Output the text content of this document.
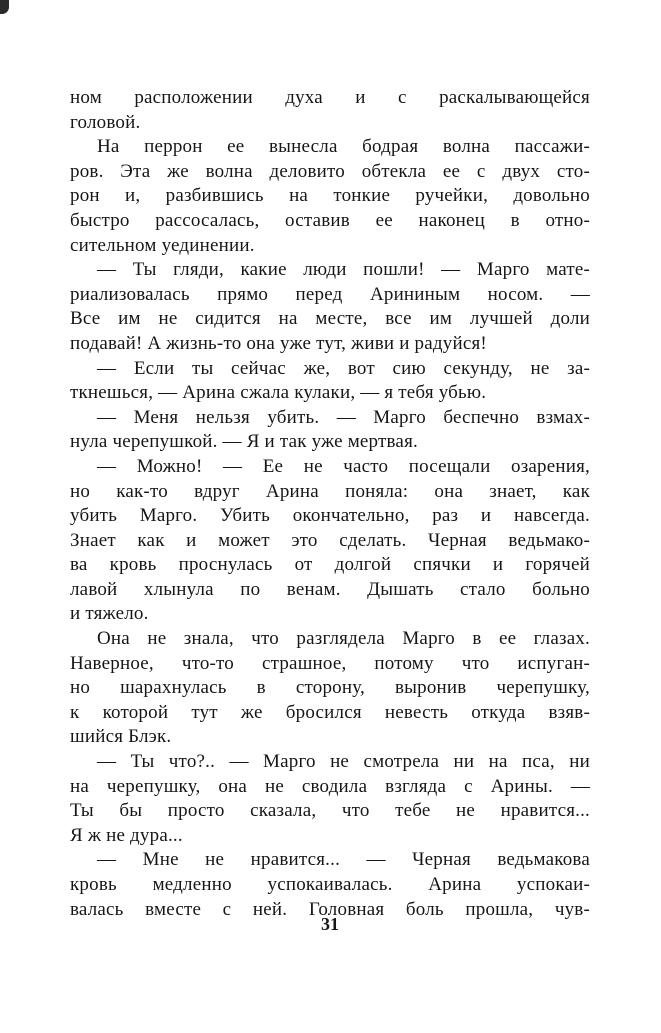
ном расположении духа и с раскалывающейся
головой.
На перрон ее вынесла бодрая волна пассажи-
ров. Эта же волна деловито обтекла ее с двух сто-
рон и, разбившись на тонкие ручейки, довольно
быстро рассосалась, оставив ее наконец в отно-
сительном уединении.
— Ты гляди, какие люди пошли! — Марго мате-
риализовалась прямо перед Арининым носом. —
Все им не сидится на месте, все им лучшей доли
подавай! А жизнь-то она уже тут, живи и радуйся!
— Если ты сейчас же, вот сию секунду, не за-
ткнешься, — Арина сжала кулаки, — я тебя убью.
— Меня нельзя убить. — Марго беспечно взмах-
нула черепушкой. — Я и так уже мертвая.
— Можно! — Ее не часто посещали озарения,
но как-то вдруг Арина поняла: она знает, как
убить Марго. Убить окончательно, раз и навсегда.
Знает как и может это сделать. Черная ведьмако-
ва кровь проснулась от долгой спячки и горячей
лавой хлынула по венам. Дышать стало больно
и тяжело.
Она не знала, что разглядела Марго в ее глазах.
Наверное, что-то страшное, потому что испуган-
но шарахнулась в сторону, выронив черепушку,
к которой тут же бросился невесть откуда взяв-
шийся Блэк.
— Ты что?.. — Марго не смотрела ни на пса, ни
на черепушку, она не сводила взгляда с Арины. —
Ты бы просто сказала, что тебе не нравится...
Я ж не дура...
— Мне не нравится... — Черная ведьмакова
кровь медленно успокаивалась. Арина успокаи-
валась вместе с ней. Головная боль прошла, чув-
31
